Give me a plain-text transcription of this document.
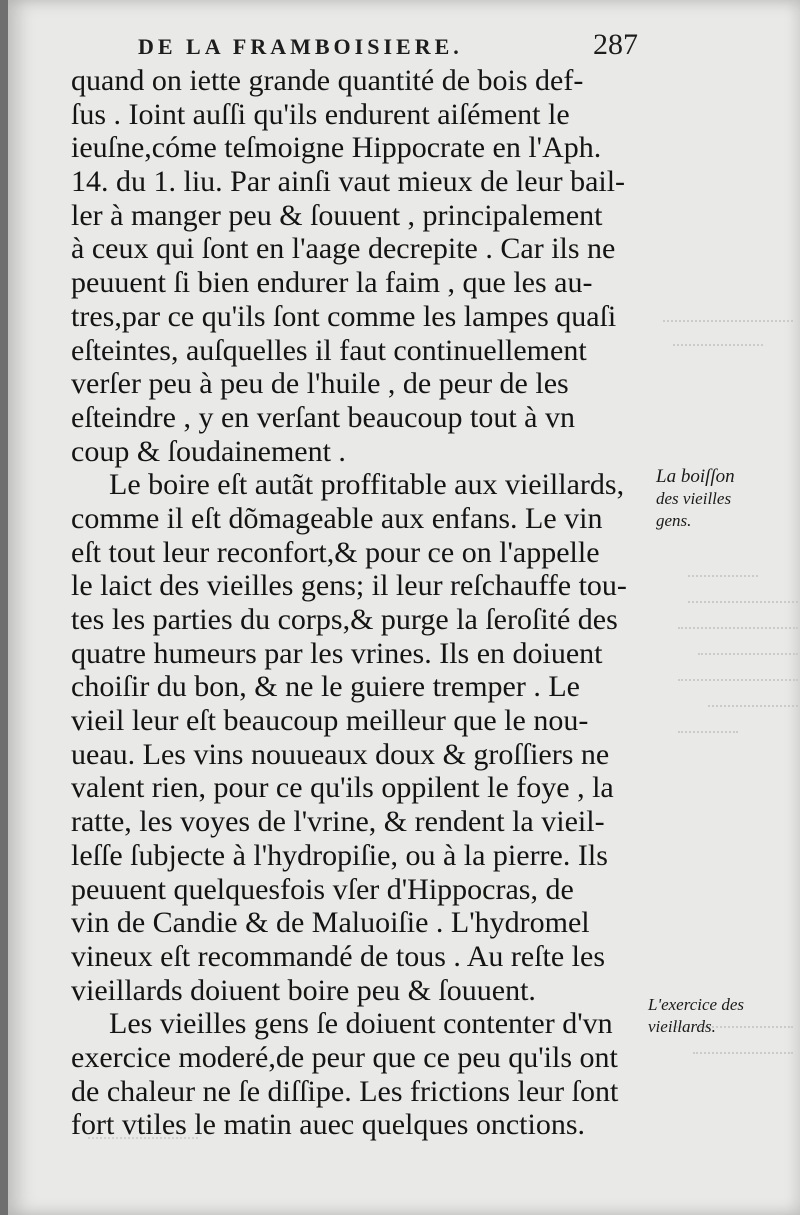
DE LA FRAMBOISIERE.	287
quand on iette grande quantité de bois def-
ſus . Ioint auſſi qu'ils endurent aiſément le
ieuſne,cóme teſmoigne Hippocrate en l'Aph.
14. du 1. liu. Par ainſi vaut mieux de leur bail-
ler à manger peu & ſouuent , principalement
à ceux qui ſont en l'aage decrepite . Car ils ne
peuuent ſi bien endurer la faim , que les au-
tres,par ce qu'ils ſont comme les lampes quaſi
eſteintes, auſquelles il faut continuellement
verſer peu à peu de l'huile , de peur de les
eſteindre , y en verſant beaucoup tout à vn
coup & ſoudainement .
Le boire eſt autãt proffitable aux vieillards,
comme il eſt dõmageable aux enfans. Le vin
eſt tout leur reconfort,& pour ce on l'appelle
le laict des vieilles gens; il leur reſchauffe tou-
tes les parties du corps,& purge la ſeroſité des
quatre humeurs par les vrines. Ils en doiuent
choiſir du bon, & ne le guiere tremper . Le
vieil leur eſt beaucoup meilleur que le nou-
ueau. Les vins nouueaux doux & groſſiers ne
valent rien, pour ce qu'ils oppilent le foye , la
ratte, les voyes de l'vrine, & rendent la vieil-
leſſe ſubjecte à l'hydropiſie, ou à la pierre. Ils
peuuent quelquesfois vſer d'Hippocras, de
vin de Candie & de Maluoiſie . L'hydromel
vineux eſt recommandé de tous . Au reſte les
vieillards doiuent boire peu & ſouuent.
Les vieilles gens ſe doiuent contenter d'vn
exercice moderé,de peur que ce peu qu'ils ont
de chaleur ne ſe diſſipe. Les frictions leur ſont
fort vtiles le matin auec quelques onctions.
La boiſſon
des vieilles
gens.
L'exercice des
vieillards.
